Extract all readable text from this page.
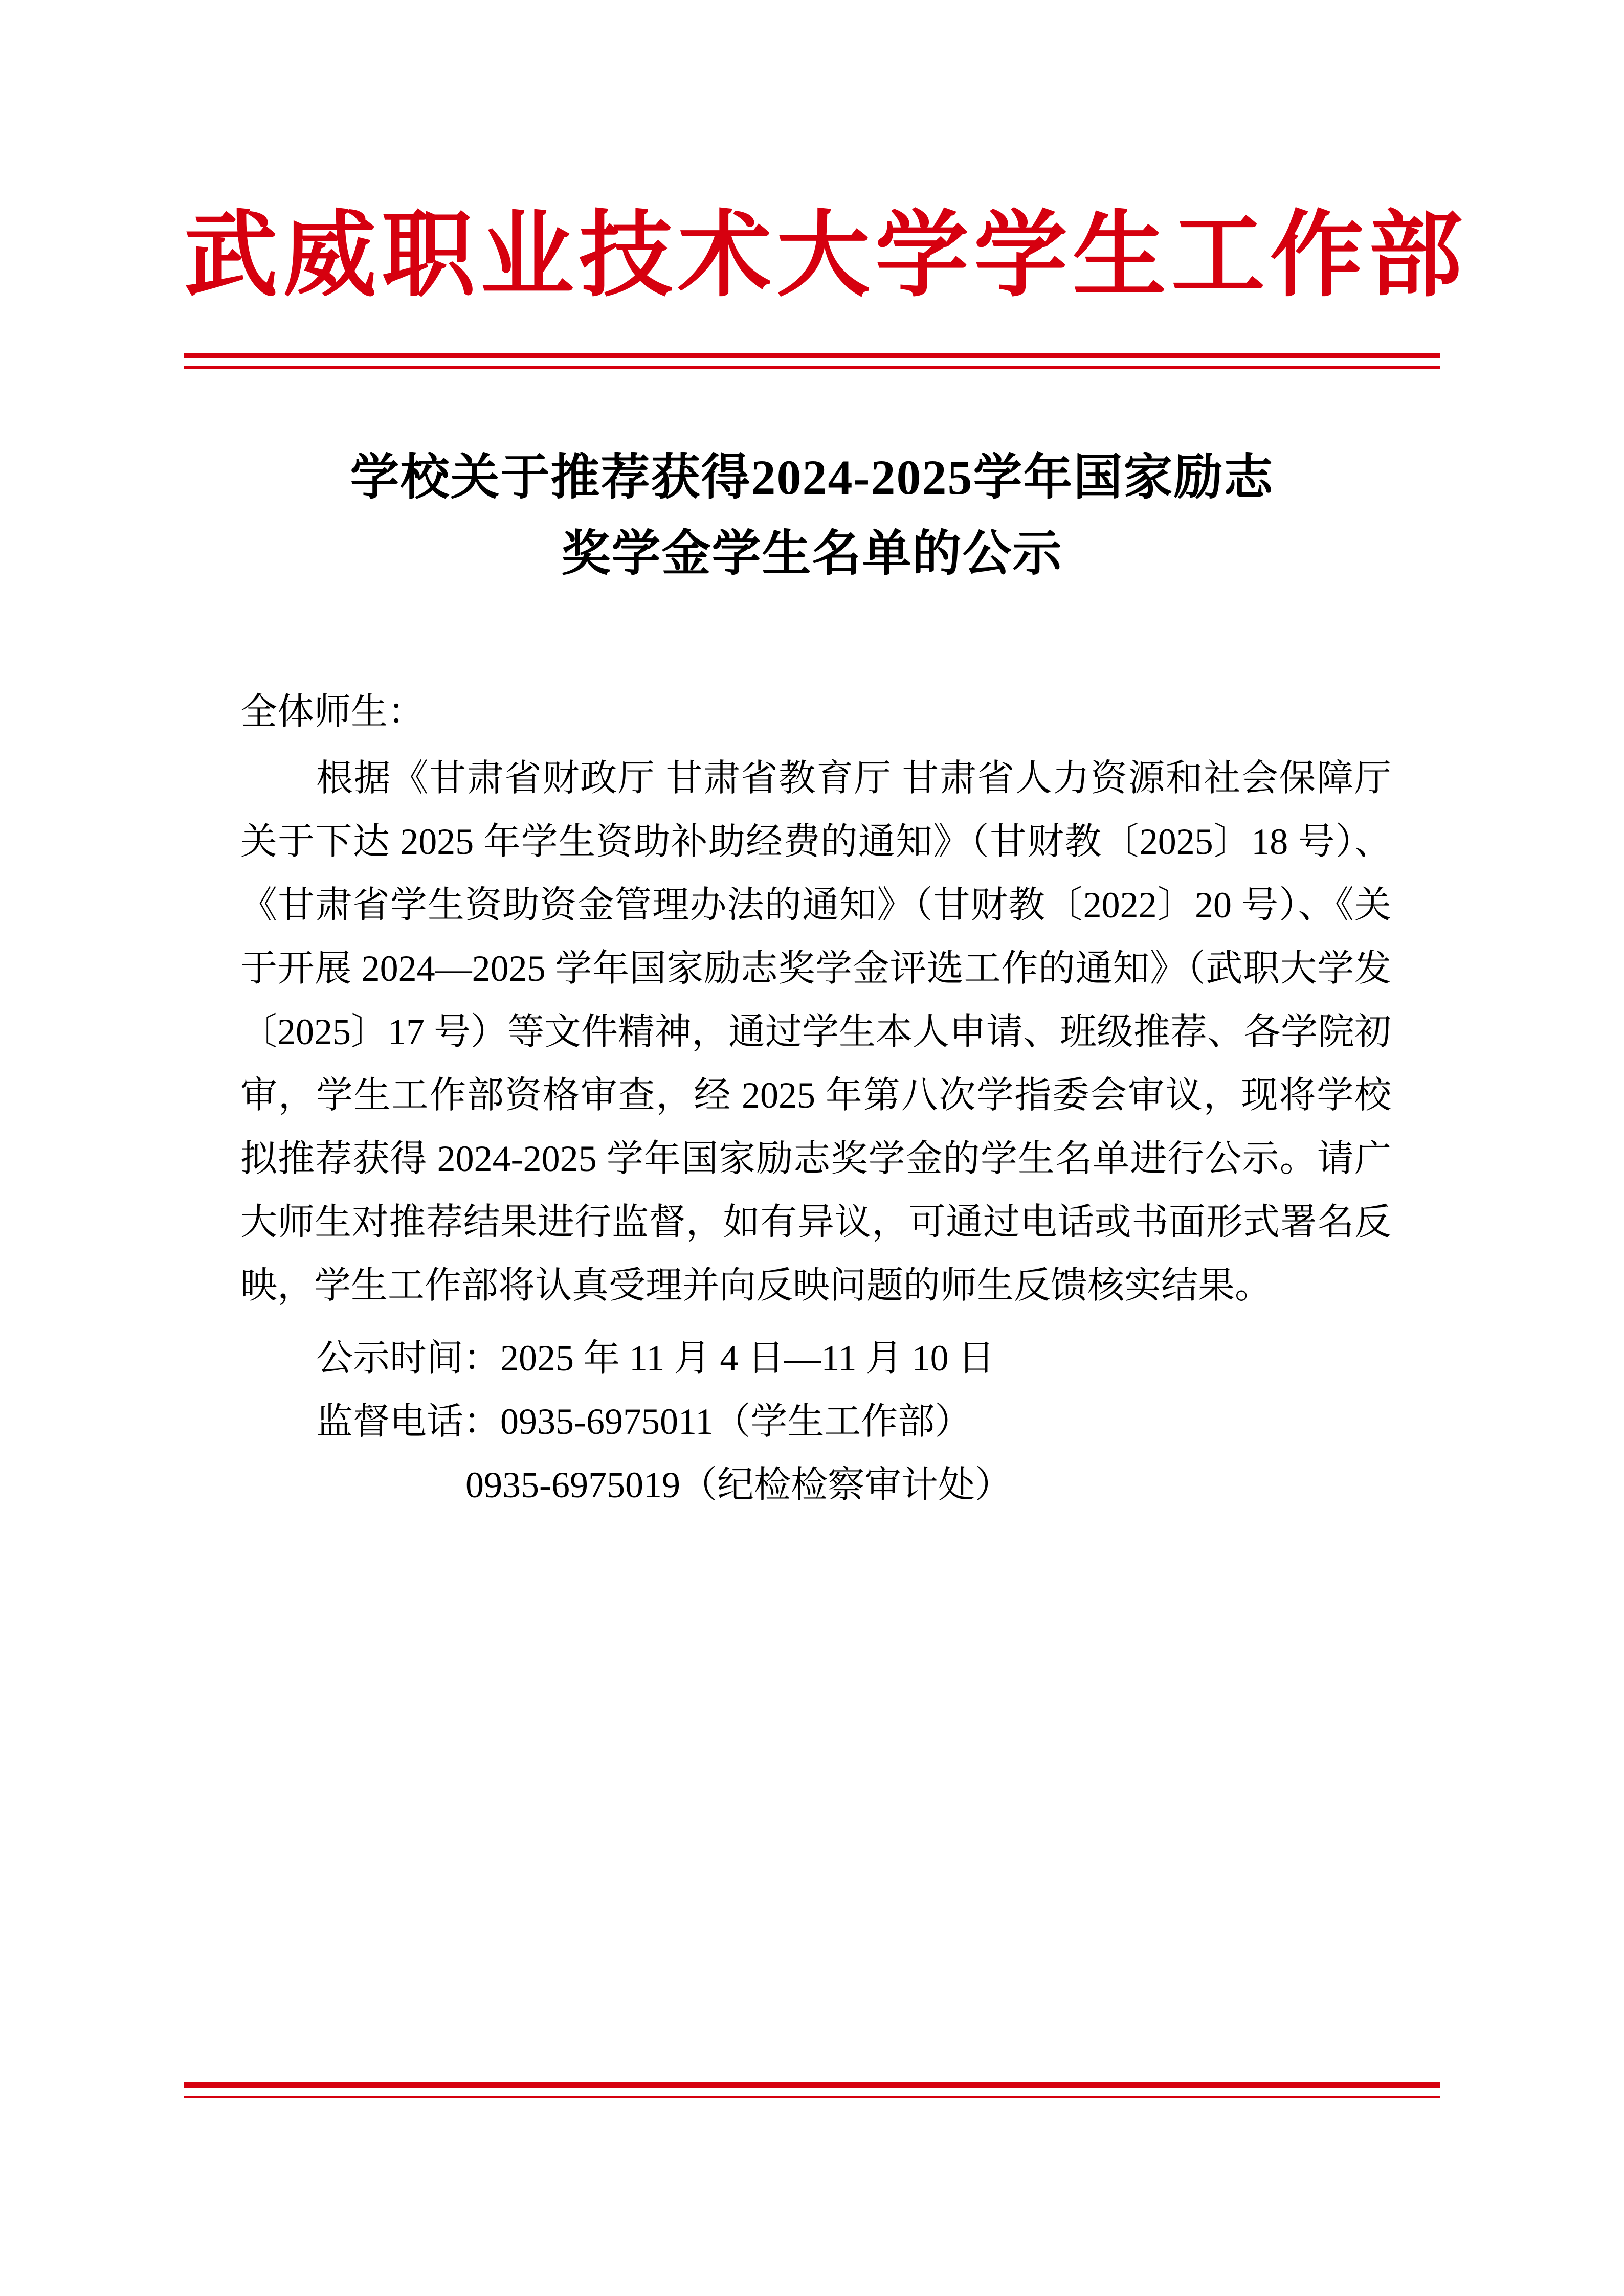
武威职业技术大学学生工作部
学校关于推荐获得2024-2025学年国家励志
奖学金学生名单的公示

全体师生：

根据《甘肃省财政厅 甘肃省教育厅 甘肃省人力资源和社会保障厅关于下达 2025 年学生资助补助经费的通知》（甘财教〔2025〕18 号）、《甘肃省学生资助资金管理办法的通知》（甘财教〔2022〕20 号）、《关于开展 2024—2025 学年国家励志奖学金评选工作的通知》（武职大学发〔2025〕17 号）等文件精神，通过学生本人申请、班级推荐、各学院初审，学生工作部资格审查，经 2025 年第八次学指委会审议，现将学校拟推荐获得 2024-2025 学年国家励志奖学金的学生名单进行公示。请广大师生对推荐结果进行监督，如有异议，可通过电话或书面形式署名反映，学生工作部将认真受理并向反映问题的师生反馈核实结果。

公示时间：2025 年 11 月 4 日—11 月 10 日

监督电话：0935-6975011（学生工作部）

0935-6975019（纪检检察审计处）
